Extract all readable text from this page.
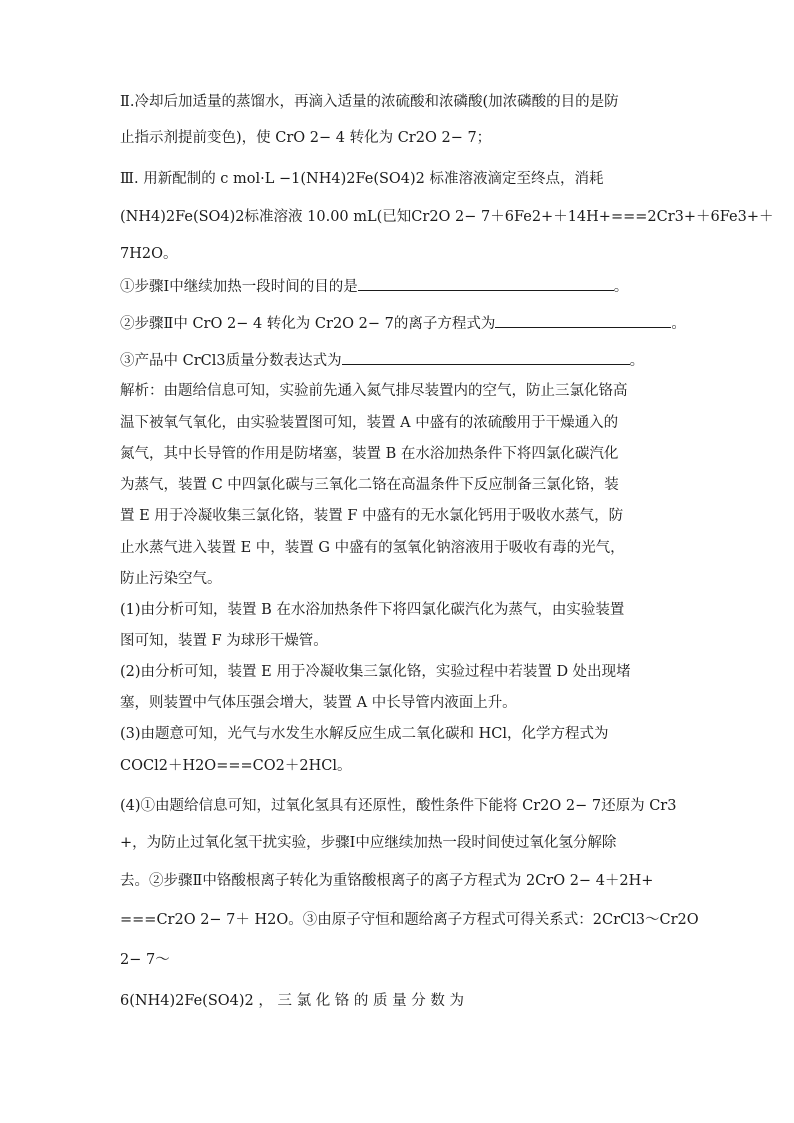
Ⅱ.冷却后加适量的蒸馏水，再滴入适量的浓硫酸和浓磷酸(加浓磷酸的目的是防
止指示剂提前变色)，使 CrO 2− 4 转化为 Cr2O 2− 7；
Ⅲ. 用新配制的 c mol·L −1(NH4)2Fe(SO4)2 标准溶液滴定至终点，消耗
(NH4)2Fe(SO4)2标准溶液 10.00 mL(已知Cr2O 2− 7＋6Fe2+＋14H+===2Cr3+＋6Fe3+＋
7H2O。
①步骤Ⅰ中继续加热一段时间的目的是	。
②步骤Ⅱ中 CrO 2− 4 转化为 Cr2O 2− 7的离子方程式为	。
③产品中 CrCl3质量分数表达式为	。
解析：由题给信息可知，实验前先通入氮气排尽装置内的空气，防止三氯化铬高
温下被氧气氧化，由实验装置图可知，装置 A 中盛有的浓硫酸用于干燥通入的
氮气，其中长导管的作用是防堵塞，装置 B 在水浴加热条件下将四氯化碳汽化
为蒸气，装置 C 中四氯化碳与三氧化二铬在高温条件下反应制备三氯化铬，装
置 E 用于冷凝收集三氯化铬，装置 F 中盛有的无水氯化钙用于吸收水蒸气，防
止水蒸气进入装置 E 中，装置 G 中盛有的氢氧化钠溶液用于吸收有毒的光气，
防止污染空气。
(1)由分析可知，装置 B 在水浴加热条件下将四氯化碳汽化为蒸气，由实验装置
图可知，装置 F 为球形干燥管。
(2)由分析可知，装置 E 用于冷凝收集三氯化铬，实验过程中若装置 D 处出现堵
塞，则装置中气体压强会增大，装置 A 中长导管内液面上升。
(3)由题意可知，光气与水发生水解反应生成二氧化碳和 HCl，化学方程式为
COCl2＋H2O===CO2＋2HCl。
(4)①由题给信息可知，过氧化氢具有还原性，酸性条件下能将 Cr2O 2− 7还原为 Cr3
+，为防止过氧化氢干扰实验，步骤Ⅰ中应继续加热一段时间使过氧化氢分解除
去。②步骤Ⅱ中铬酸根离子转化为重铬酸根离子的离子方程式为 2CrO 2− 4＋2H+
===Cr2O 2− 7＋ H2O。③由原子守恒和题给离子方程式可得关系式：2CrCl3～Cr2O
2− 7～
6(NH4)2Fe(SO4)2 ， 三 氯 化 铬 的 质 量 分 数 为
